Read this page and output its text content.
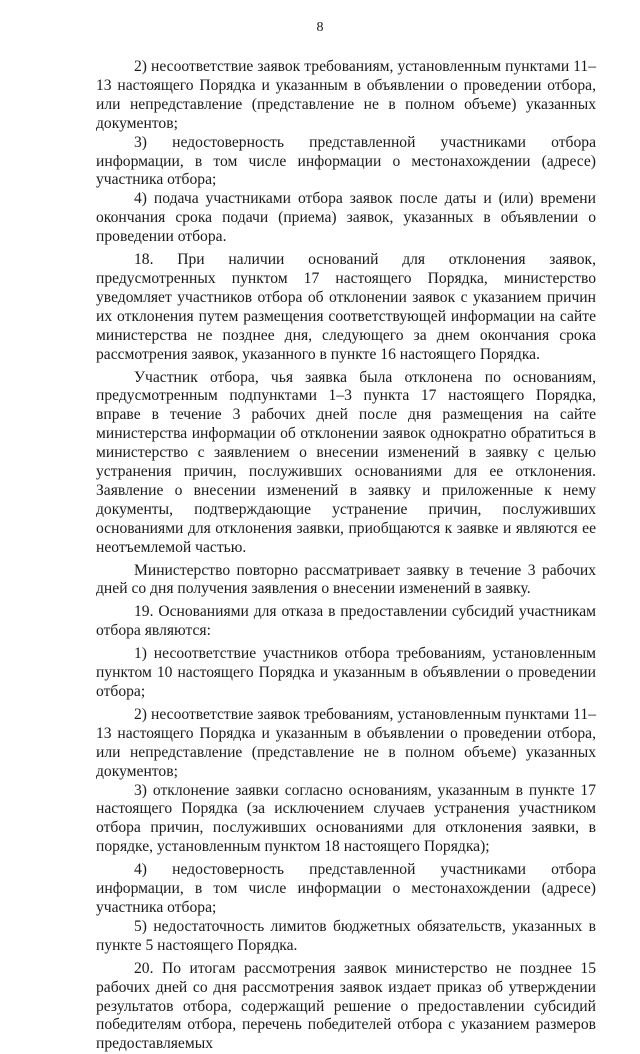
8

2) несоответствие заявок требованиям, установленным пунктами 11–13 настоящего Порядка и указанным в объявлении о проведении отбора, или непредставление (представление не в полном объеме) указанных документов;

3) недостоверность представленной участниками отбора информации, в том числе информации о местонахождении (адресе) участника отбора;

4) подача участниками отбора заявок после даты и (или) времени окончания срока подачи (приема) заявок, указанных в объявлении о проведении отбора.

18. При наличии оснований для отклонения заявок, предусмотренных пунктом 17 настоящего Порядка, министерство уведомляет участников отбора об отклонении заявок с указанием причин их отклонения путем размещения соответствующей информации на сайте министерства не позднее дня, следующего за днем окончания срока рассмотрения заявок, указанного в пункте 16 настоящего Порядка.

Участник отбора, чья заявка была отклонена по основаниям, предусмотренным подпунктами 1–3 пункта 17 настоящего Порядка, вправе в течение 3 рабочих дней после дня размещения на сайте министерства информации об отклонении заявок однократно обратиться в министерство с заявлением о внесении изменений в заявку с целью устранения причин, послуживших основаниями для ее отклонения. Заявление о внесении изменений в заявку и приложенные к нему документы, подтверждающие устранение причин, послуживших основаниями для отклонения заявки, приобщаются к заявке и являются ее неотъемлемой частью.

Министерство повторно рассматривает заявку в течение 3 рабочих дней со дня получения заявления о внесении изменений в заявку.

19. Основаниями для отказа в предоставлении субсидий участникам отбора являются:

1) несоответствие участников отбора требованиям, установленным пунктом 10 настоящего Порядка и указанным в объявлении о проведении отбора;

2) несоответствие заявок требованиям, установленным пунктами 11–13 настоящего Порядка и указанным в объявлении о проведении отбора, или непредставление (представление не в полном объеме) указанных документов;

3) отклонение заявки согласно основаниям, указанным в пункте 17 настоящего Порядка (за исключением случаев устранения участником отбора причин, послуживших основаниями для отклонения заявки, в порядке, установленным пунктом 18 настоящего Порядка);

4) недостоверность представленной участниками отбора информации, в том числе информации о местонахождении (адресе) участника отбора;

5) недостаточность лимитов бюджетных обязательств, указанных в пункте 5 настоящего Порядка.

20. По итогам рассмотрения заявок министерство не позднее 15 рабочих дней со дня рассмотрения заявок издает приказ об утверждении результатов отбора, содержащий решение о предоставлении субсидий победителям отбора, перечень победителей отбора с указанием размеров предоставляемых
